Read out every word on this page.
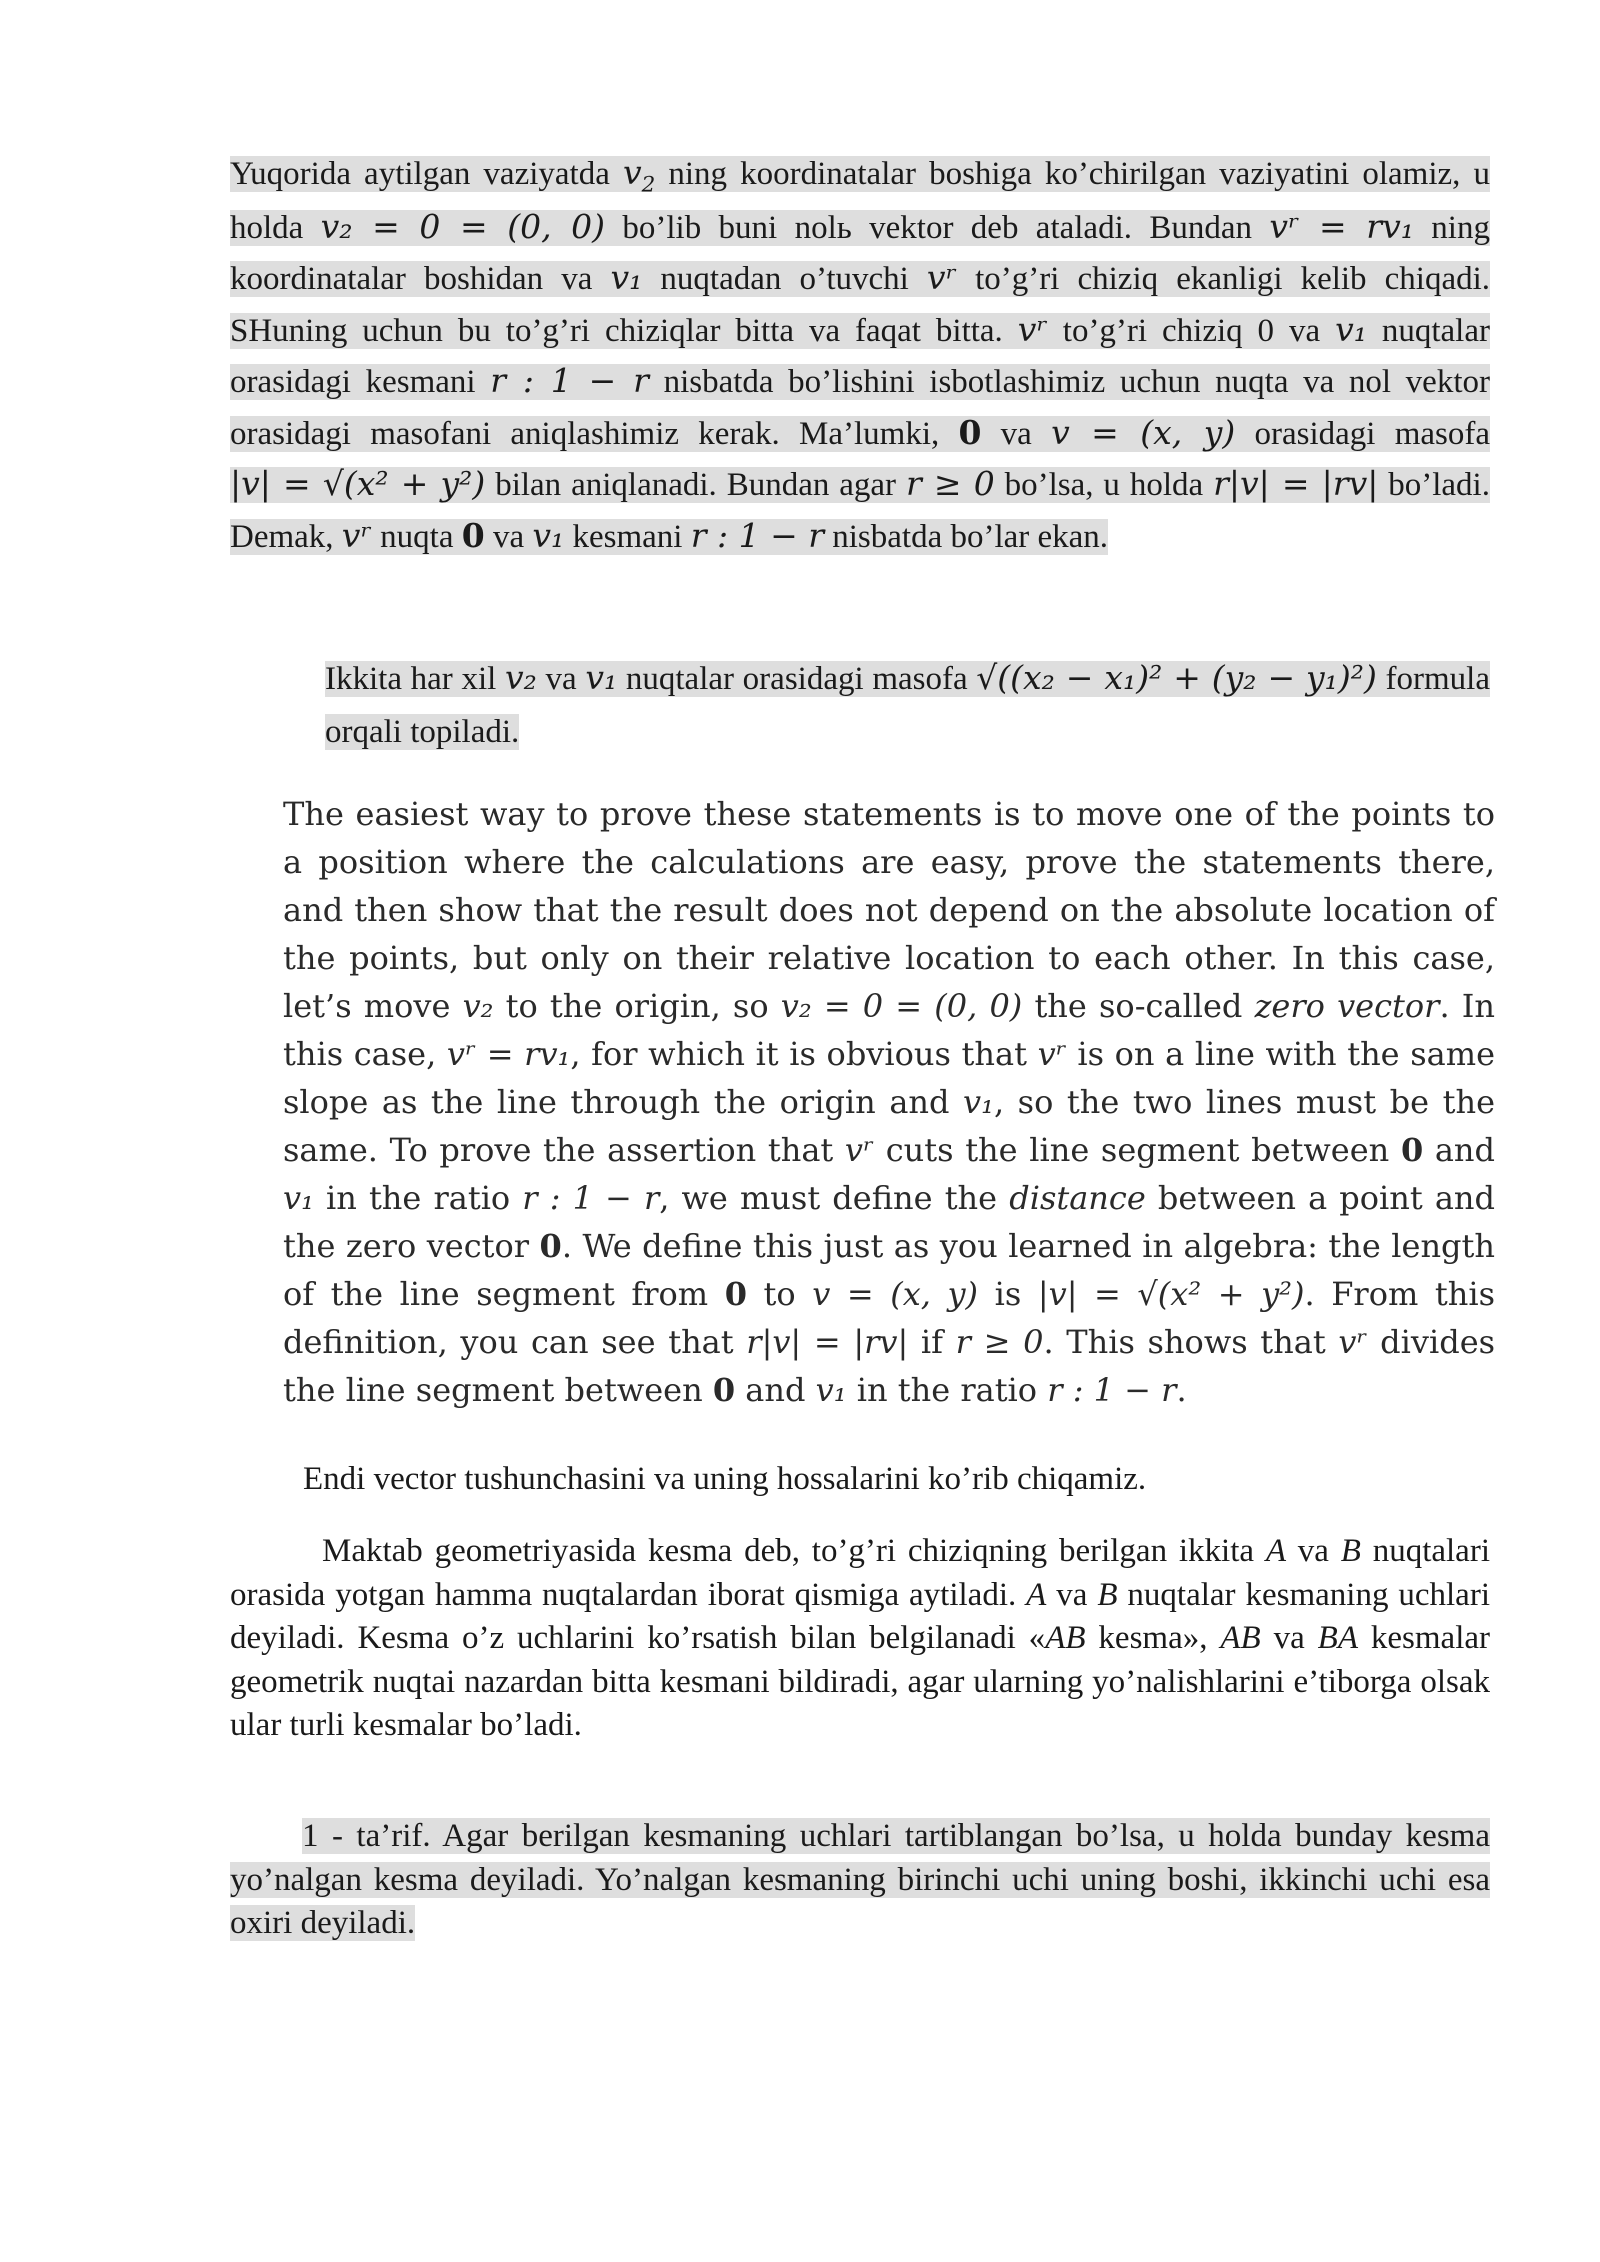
Yuqorida aytilgan vaziyatda $v_2$ ning koordinatalar boshiga ko’chirilgan vaziyatini olamiz, u holda v₂ = 0 = (0, 0) bo’lib buni nolь vektor deb ataladi. Bundan vʳ = rv₁ ning koordinatalar boshidan va v₁ nuqtadan o’tuvchi vʳ to’g’ri chiziq ekanligi kelib chiqadi. SHuning uchun bu to’g’ri chiziqlar bitta va faqat bitta. vʳ to’g’ri chiziq 0 va v₁ nuqtalar orasidagi kesmani r : 1 − r nisbatda bo’lishini isbotlashimiz uchun nuqta va nol vektor orasidagi masofani aniqlashimiz kerak. Ma’lumki, 0 va v = (x, y) orasidagi masofa |v| = √(x² + y²) bilan aniqlanadi. Bundan agar r ≥ 0 bo’lsa, u holda r|v| = |rv| bo’ladi. Demak, vʳ nuqta 0 va v₁ kesmani r : 1 − r nisbatda bo’lar ekan.
Ikkita har xil v₂ va v₁ nuqtalar orasidagi masofa √((x₂ − x₁)² + (y₂ − y₁)²) formula orqali topiladi.
The easiest way to prove these statements is to move one of the points to a position where the calculations are easy, prove the statements there, and then show that the result does not depend on the absolute location of the points, but only on their relative location to each other. In this case, let’s move v₂ to the origin, so v₂ = 0 = (0, 0) the so-called zero vector. In this case, vʳ = rv₁, for which it is obvious that vʳ is on a line with the same slope as the line through the origin and v₁, so the two lines must be the same. To prove the assertion that vʳ cuts the line segment between 0 and v₁ in the ratio r : 1 − r, we must define the distance between a point and the zero vector 0. We define this just as you learned in algebra: the length of the line segment from 0 to v = (x, y) is |v| = √(x² + y²). From this definition, you can see that r|v| = |rv| if r ≥ 0. This shows that vʳ divides the line segment between 0 and v₁ in the ratio r : 1 − r.
Endi vector tushunchasini va uning hossalarini ko’rib chiqamiz.
Maktab geometriyasida kesma deb, to’g’ri chiziqning berilgan ikkita A va B nuqtalari orasida yotgan hamma nuqtalardan iborat qismiga aytiladi. A va B nuqtalar kesmaning uchlari deyiladi. Kesma o’z uchlarini ko’rsatish bilan belgilanadi «AB kesma», AB va BA kesmalar geometrik nuqtai nazardan bitta kesmani bildiradi, agar ularning yo’nalishlarini e’tiborga olsak ular turli kesmalar bo’ladi.
1 - ta’rif. Agar berilgan kesmaning uchlari tartiblangan bo’lsa, u holda bunday kesma yo’nalgan kesma deyiladi. Yo’nalgan kesmaning birinchi uchi uning boshi, ikkinchi uchi esa oxiri deyiladi.
